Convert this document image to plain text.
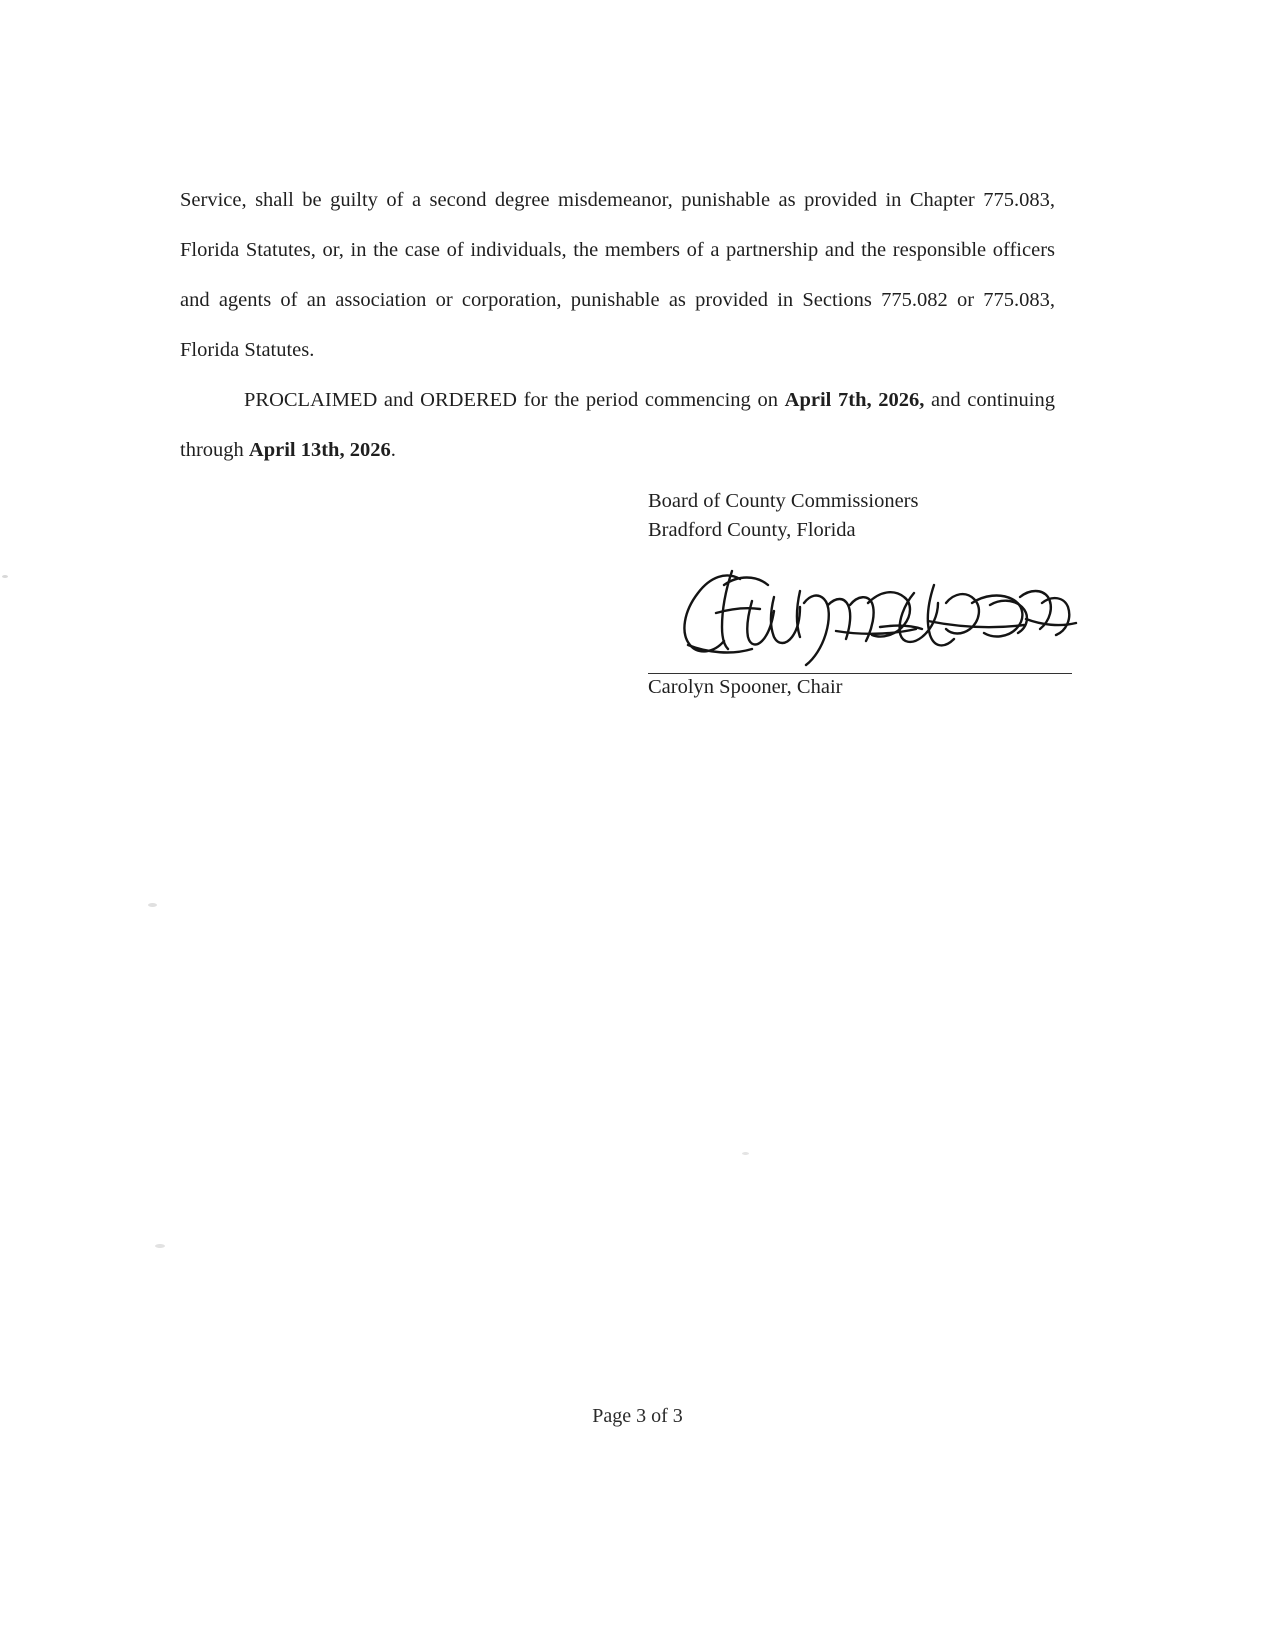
Service, shall be guilty of a second degree misdemeanor, punishable as provided in Chapter 775.083, Florida Statutes, or, in the case of individuals, the members of a partnership and the responsible officers and agents of an association or corporation, punishable as provided in Sections 775.082 or 775.083, Florida Statutes.

PROCLAIMED and ORDERED for the period commencing on April 7th, 2026, and continuing through April 13th, 2026.

Board of County Commissioners
Bradford County, Florida
Carolyn Spooner, Chair
Page 3 of 3
